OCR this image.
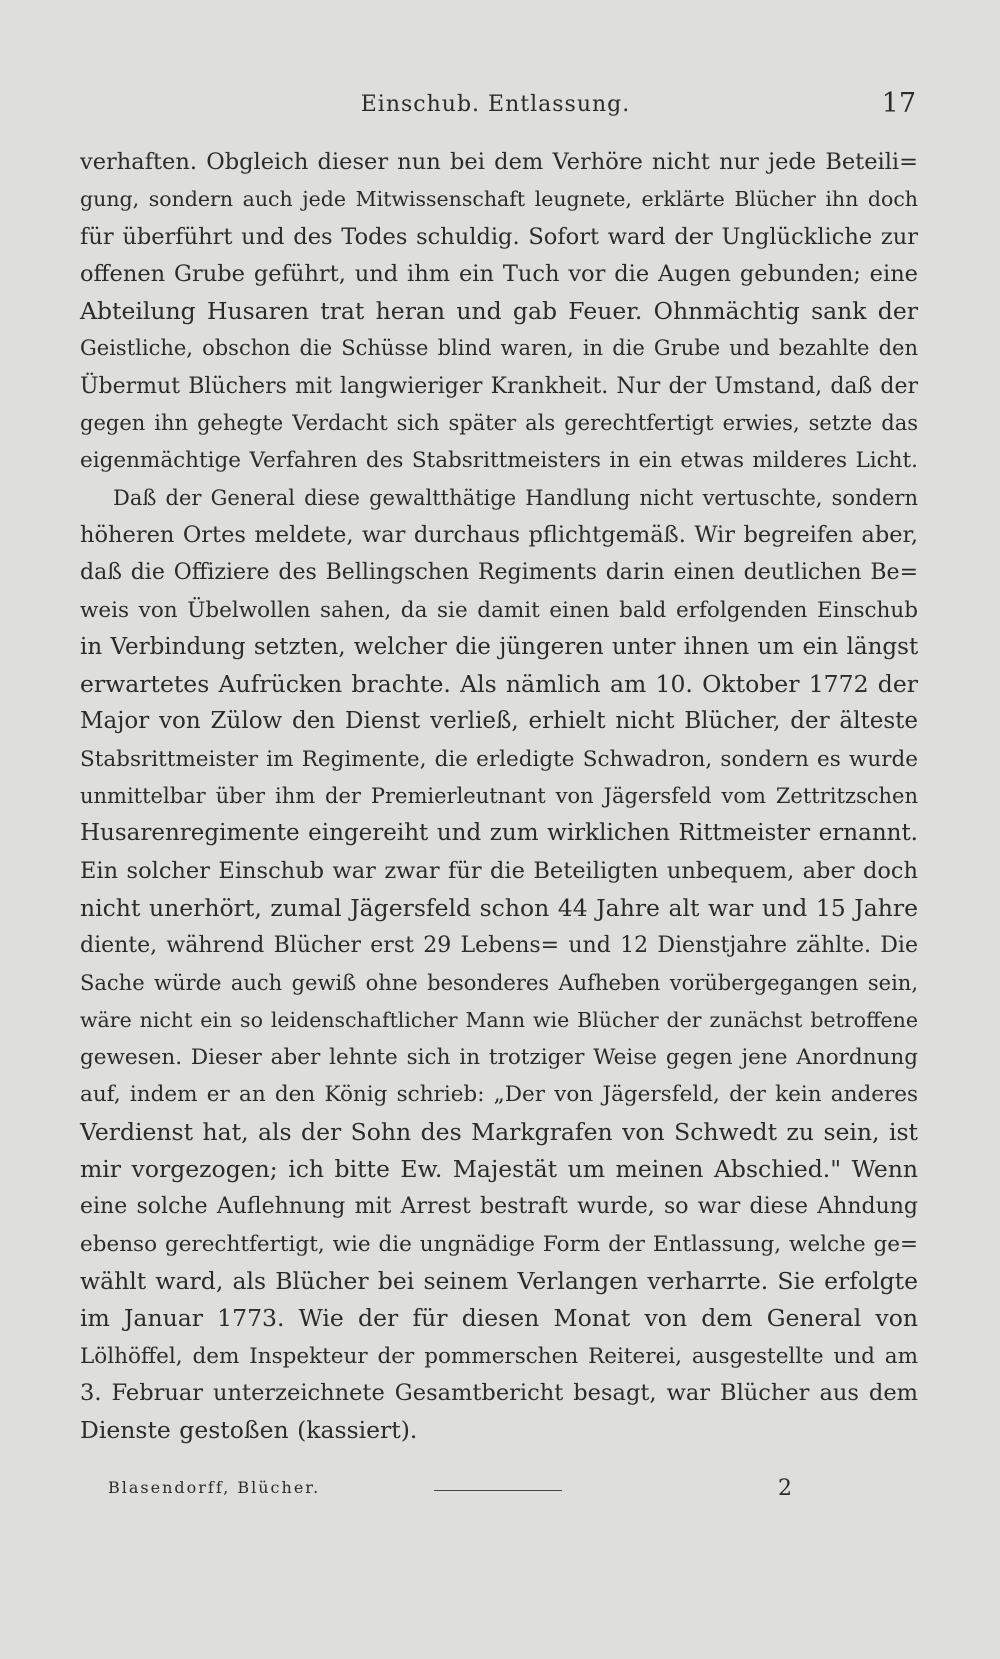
Einschub. Entlassung.	17
verhaften. Obgleich dieser nun bei dem Verhöre nicht nur jede Beteili=
gung, sondern auch jede Mitwissenschaft leugnete, erklärte Blücher ihn doch
für überführt und des Todes schuldig. Sofort ward der Unglückliche zur
offenen Grube geführt, und ihm ein Tuch vor die Augen gebunden; eine
Abteilung Husaren trat heran und gab Feuer. Ohnmächtig sank der
Geistliche, obschon die Schüsse blind waren, in die Grube und bezahlte den
Übermut Blüchers mit langwieriger Krankheit. Nur der Umstand, daß der
gegen ihn gehegte Verdacht sich später als gerechtfertigt erwies, setzte das
eigenmächtige Verfahren des Stabsrittmeisters in ein etwas milderes Licht.
Daß der General diese gewaltthätige Handlung nicht vertuschte, sondern
höheren Ortes meldete, war durchaus pflichtgemäß. Wir begreifen aber,
daß die Offiziere des Bellingschen Regiments darin einen deutlichen Be=
weis von Übelwollen sahen, da sie damit einen bald erfolgenden Einschub
in Verbindung setzten, welcher die jüngeren unter ihnen um ein längst
erwartetes Aufrücken brachte. Als nämlich am 10. Oktober 1772 der
Major von Zülow den Dienst verließ, erhielt nicht Blücher, der älteste
Stabsrittmeister im Regimente, die erledigte Schwadron, sondern es wurde
unmittelbar über ihm der Premierleutnant von Jägersfeld vom Zettritzschen
Husarenregimente eingereiht und zum wirklichen Rittmeister ernannt.
Ein solcher Einschub war zwar für die Beteiligten unbequem, aber doch
nicht unerhört, zumal Jägersfeld schon 44 Jahre alt war und 15 Jahre
diente, während Blücher erst 29 Lebens= und 12 Dienstjahre zählte. Die
Sache würde auch gewiß ohne besonderes Aufheben vorübergegangen sein,
wäre nicht ein so leidenschaftlicher Mann wie Blücher der zunächst betroffene
gewesen. Dieser aber lehnte sich in trotziger Weise gegen jene Anordnung
auf, indem er an den König schrieb: „Der von Jägersfeld, der kein anderes
Verdienst hat, als der Sohn des Markgrafen von Schwedt zu sein, ist
mir vorgezogen; ich bitte Ew. Majestät um meinen Abschied." Wenn
eine solche Auflehnung mit Arrest bestraft wurde, so war diese Ahndung
ebenso gerechtfertigt, wie die ungnädige Form der Entlassung, welche ge=
wählt ward, als Blücher bei seinem Verlangen verharrte. Sie erfolgte
im Januar 1773. Wie der für diesen Monat von dem General von
Lölhöffel, dem Inspekteur der pommerschen Reiterei, ausgestellte und am
3. Februar unterzeichnete Gesamtbericht besagt, war Blücher aus dem
Dienste gestoßen (kassiert).
Blasendorff, Blücher.	2
